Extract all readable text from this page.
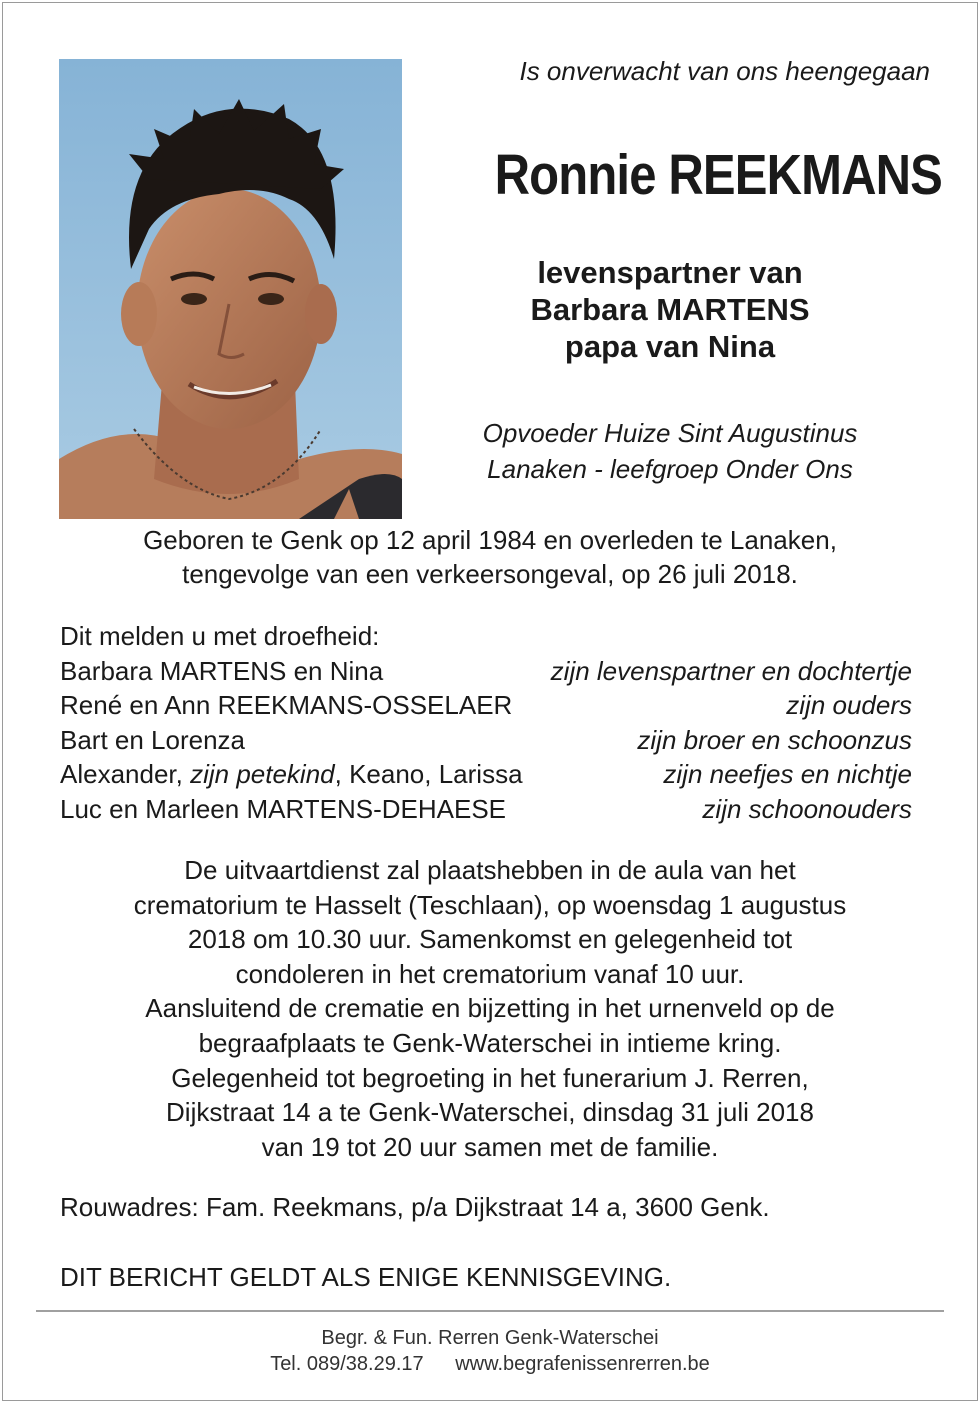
Is onverwacht van ons heengegaan
Ronnie REEKMANS
levenspartner van
Barbara MARTENS
papa van Nina
Opvoeder Huize Sint Augustinus
Lanaken - leefgroep Onder Ons
Geboren te Genk op 12 april 1984 en overleden te Lanaken,
tengevolge van een verkeersongeval, op 26 juli 2018.
Dit melden u met droefheid:
Barbara MARTENS en Nina	zijn levenspartner en dochtertje
René en Ann REEKMANS-OSSELAER	zijn ouders
Bart en Lorenza	zijn broer en schoonzus
Alexander, zijn petekind, Keano, Larissa	zijn neefjes en nichtje
Luc en Marleen MARTENS-DEHAESE	zijn schoonouders
De uitvaartdienst zal plaatshebben in de aula van het
crematorium te Hasselt (Teschlaan), op woensdag 1 augustus
2018 om 10.30 uur. Samenkomst en gelegenheid tot
condoleren in het crematorium vanaf 10 uur.
Aansluitend de crematie en bijzetting in het urnenveld op de
begraafplaats te Genk-Waterschei in intieme kring.
Gelegenheid tot begroeting in het funerarium J. Rerren,
Dijkstraat 14 a te Genk-Waterschei, dinsdag 31 juli 2018
van 19 tot 20 uur samen met de familie.
Rouwadres: Fam. Reekmans, p/a Dijkstraat 14 a, 3600 Genk.
DIT BERICHT GELDT ALS ENIGE KENNISGEVING.
Begr. & Fun. Rerren Genk-Waterschei
Tel. 089/38.29.17 www.begrafenissenrerren.be
